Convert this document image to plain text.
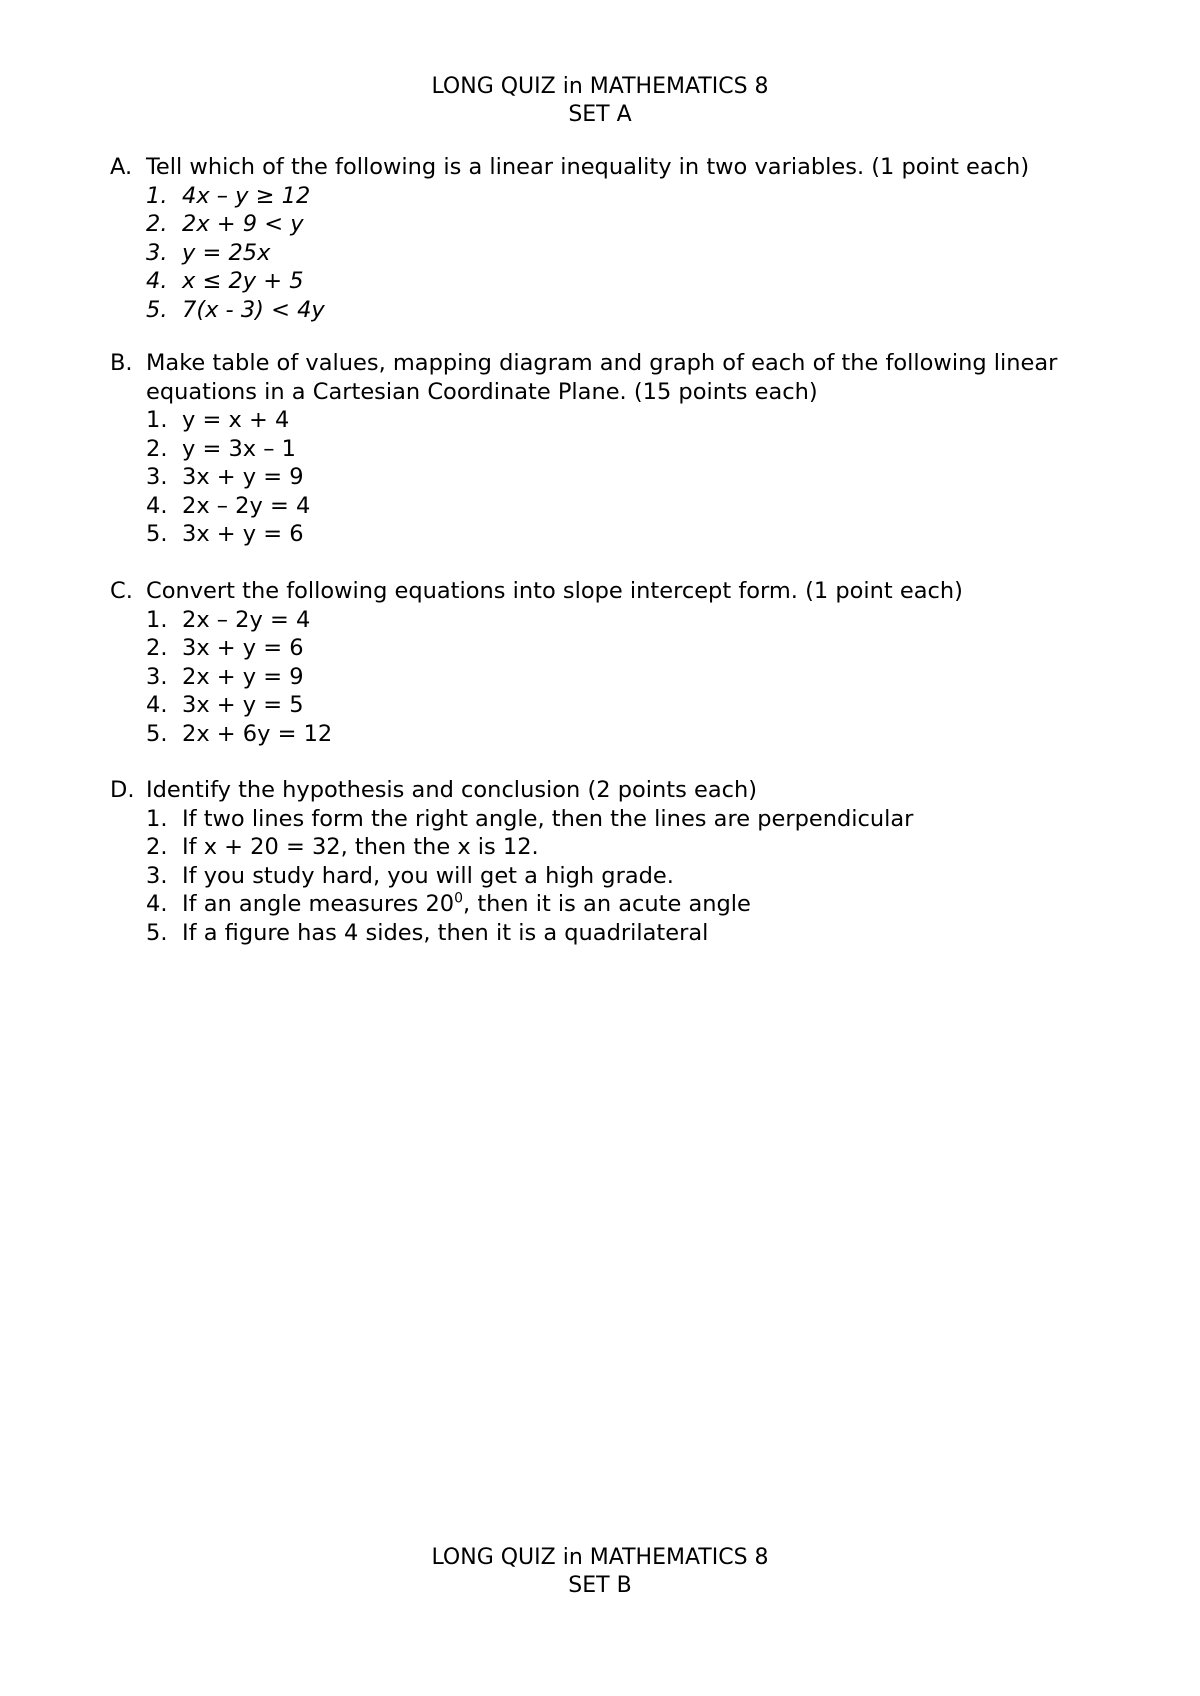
LONG QUIZ in MATHEMATICS 8
SET A
A. Tell which of the following is a linear inequality in two variables. (1 point each)
1. 4x – y ≥ 12
2. 2x + 9 < y
3. y = 25x
4. x ≤ 2y + 5
5. 7(x - 3) < 4y
B. Make table of values, mapping diagram and graph of each of the following linear equations in a Cartesian Coordinate Plane. (15 points each)
1. y = x + 4
2. y = 3x – 1
3. 3x + y = 9
4. 2x – 2y = 4
5. 3x + y = 6
C. Convert the following equations into slope intercept form. (1 point each)
1. 2x – 2y = 4
2. 3x + y = 6
3. 2x + y = 9
4. 3x + y = 5
5. 2x + 6y = 12
D. Identify the hypothesis and conclusion (2 points each)
1. If two lines form the right angle, then the lines are perpendicular
2. If x + 20 = 32, then the x is 12.
3. If you study hard, you will get a high grade.
4. If an angle measures $20^0$, then it is an acute angle
5. If a figure has 4 sides, then it is a quadrilateral
LONG QUIZ in MATHEMATICS 8
SET B
